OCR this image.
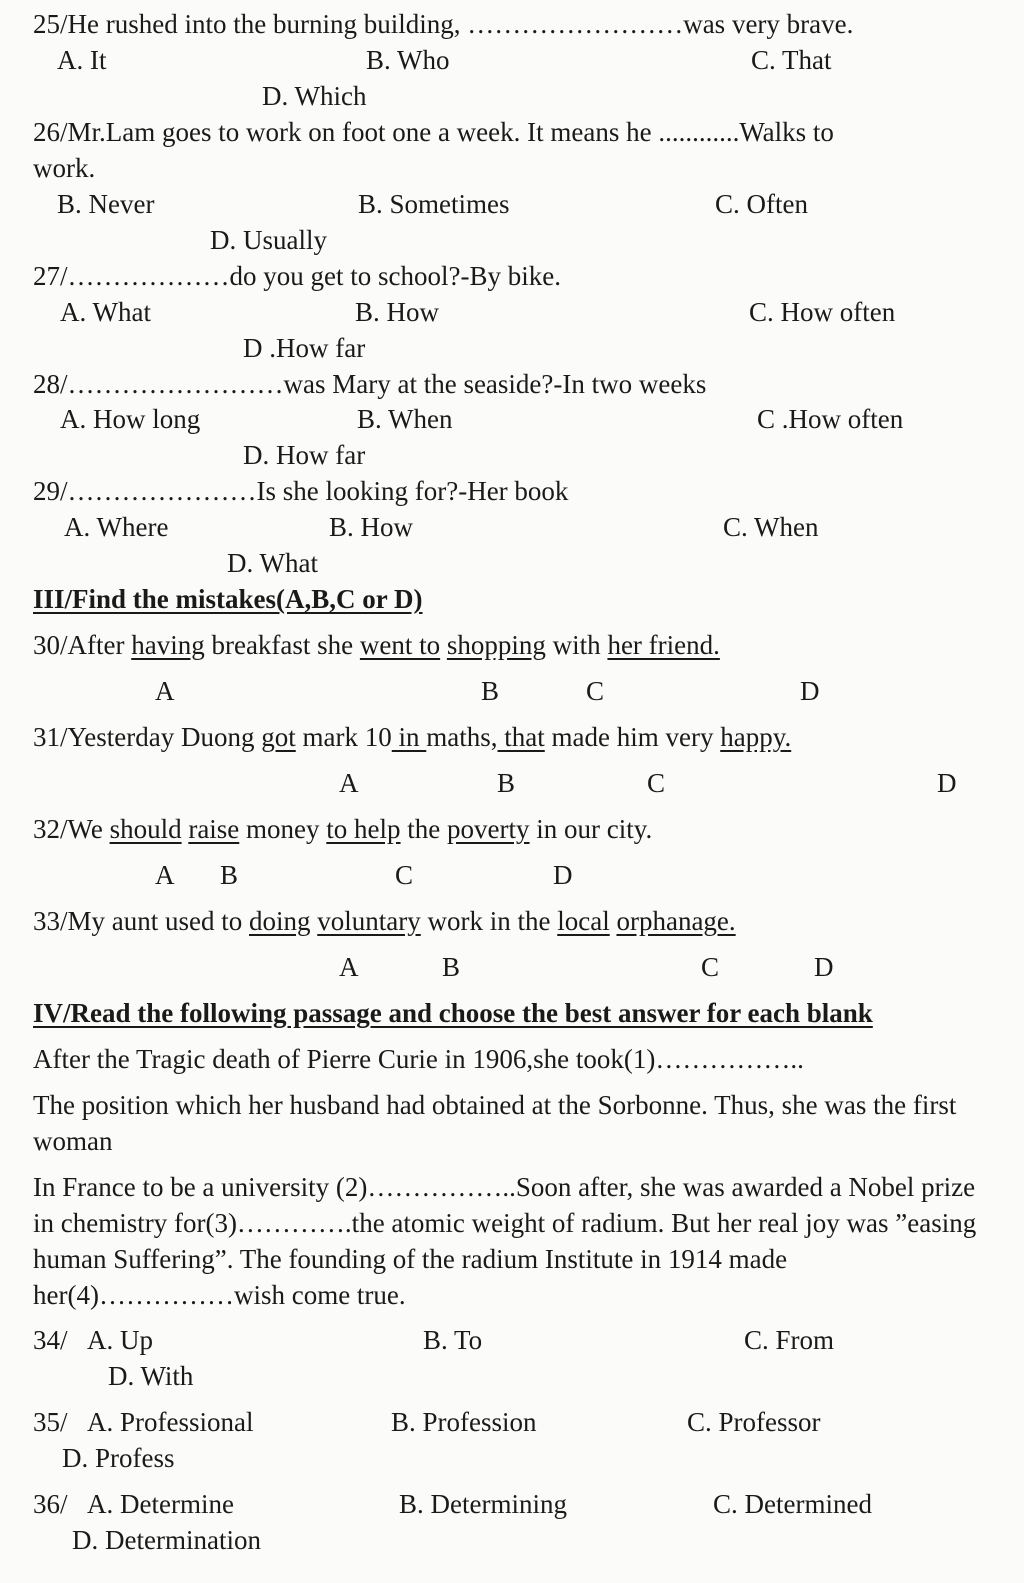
25/He rushed into the burning building, ……………………was very brave.
A. It	B. Who	C. That
D. Which
26/Mr.Lam goes to work on foot one a week. It means he ............Walks to
work.
B. Never	B. Sometimes	C. Often
D. Usually
27/………………do you get to school?-By bike.
A. What	B. How	C. How often
D .How far
28/……………………was Mary at the seaside?-In two weeks
A. How long	B. When	C .How often
D. How far
29/…………………Is she looking for?-Her book
A. Where	B. How	C. When
D. What
III/Find the mistakes(A,B,C or D)
30/After having breakfast she went to shopping with her friend.
A	B	C	D
31/Yesterday Duong got mark 10 in maths, that made him very happy.
A	B	C	D
32/We should raise money to help the poverty in our city.
A B	C	D
33/My aunt used to doing voluntary work in the local orphanage.
A	B	C	D
IV/Read the following passage and choose the best answer for each blank
After the Tragic death of Pierre Curie in 1906,she took(1)……………..
The position which her husband had obtained at the Sorbonne. Thus, she was the first woman
In France to be a university (2)……………..Soon after, she was awarded a Nobel prize in chemistry for(3)………….the atomic weight of radium. But her real joy was ”easing human Suffering”. The founding of the radium Institute in 1914 made her(4)……………wish come true.
34/ A. Up	B. To	C. From
D. With
35/ A. Professional	B. Profession	C. Professor
D. Profess
36/ A. Determine	B. Determining	C. Determined
D. Determination
